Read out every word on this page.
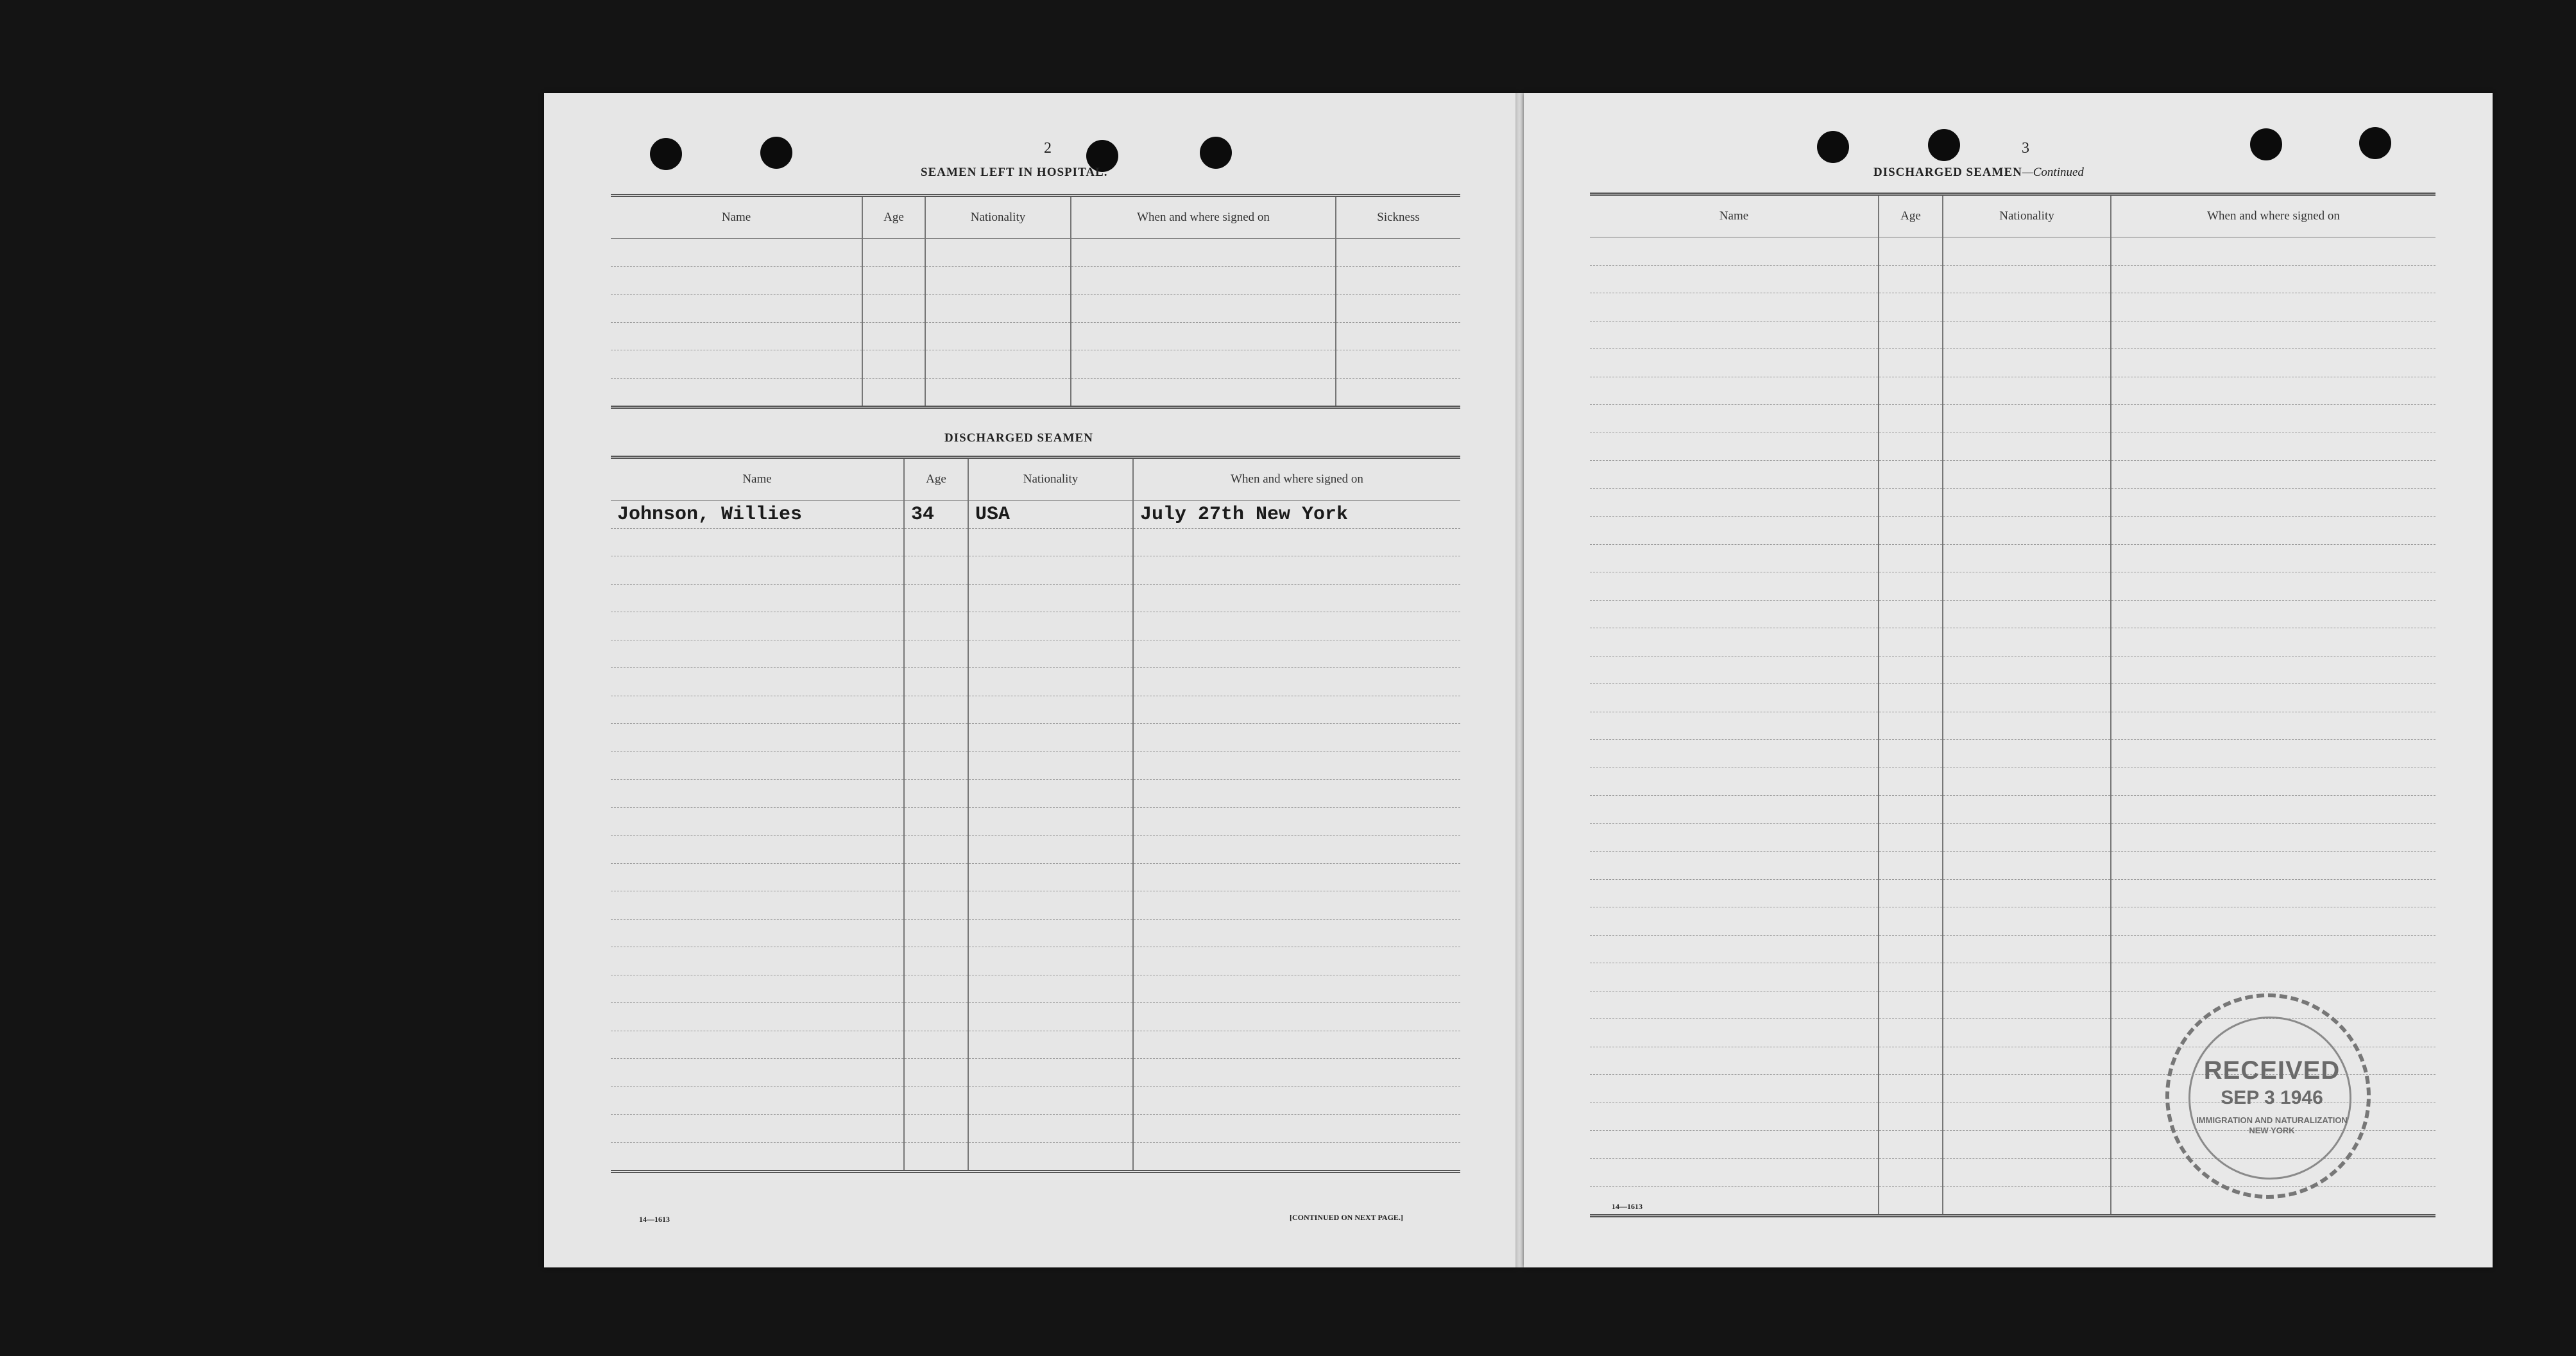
2
SEAMEN LEFT IN HOSPITAL.
Name	Age	Nationality	When and where signed on	Sickness

DISCHARGED SEAMEN
Name	Age	Nationality	When and where signed on
Johnson, Willies	34	USA	July 27th New York

14—1613	[CONTINUED ON NEXT PAGE.]
3
DISCHARGED SEAMEN—Continued
Name	Age	Nationality	When and where signed on

14—1613
RECEIVED
SEP 3 1946
IMMIGRATION AND NATURALIZATION
NEW YORK
